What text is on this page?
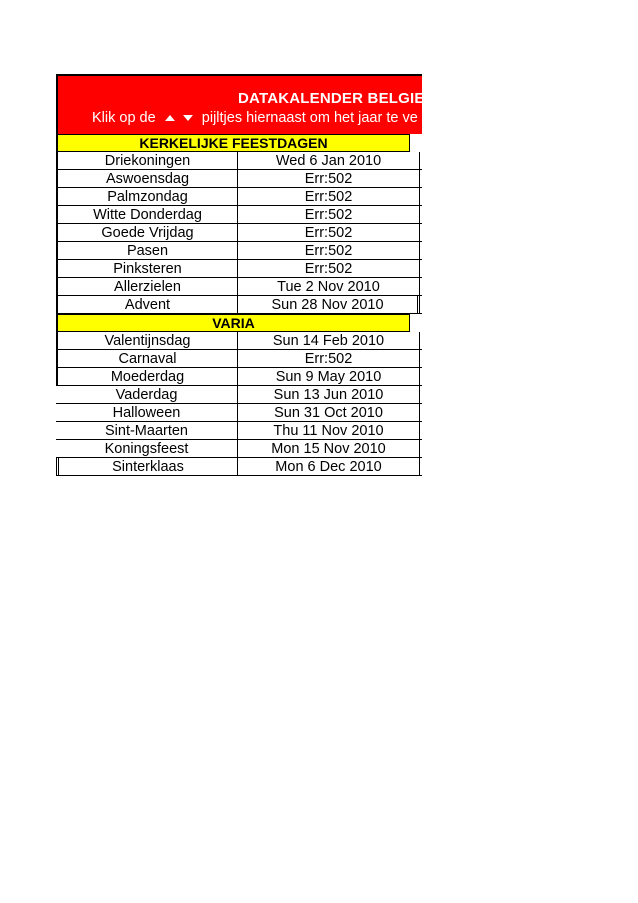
DATAKALENDER BELGIE
Klik op de	pijltjes hiernaast om het jaar te ve
KERKELIJKE FEESTDAGEN
Driekoningen	Wed 6 Jan 2010
Aswoensdag	Err:502
Palmzondag	Err:502
Witte Donderdag	Err:502
Goede Vrijdag	Err:502
Pasen	Err:502
Pinksteren	Err:502
Allerzielen	Tue 2 Nov 2010
Advent	Sun 28 Nov 2010
VARIA
Valentijnsdag	Sun 14 Feb 2010
Carnaval	Err:502
Moederdag	Sun 9 May 2010
Vaderdag	Sun 13 Jun 2010
Halloween	Sun 31 Oct 2010
Sint-Maarten	Thu 11 Nov 2010
Koningsfeest	Mon 15 Nov 2010
Sinterklaas	Mon 6 Dec 2010
